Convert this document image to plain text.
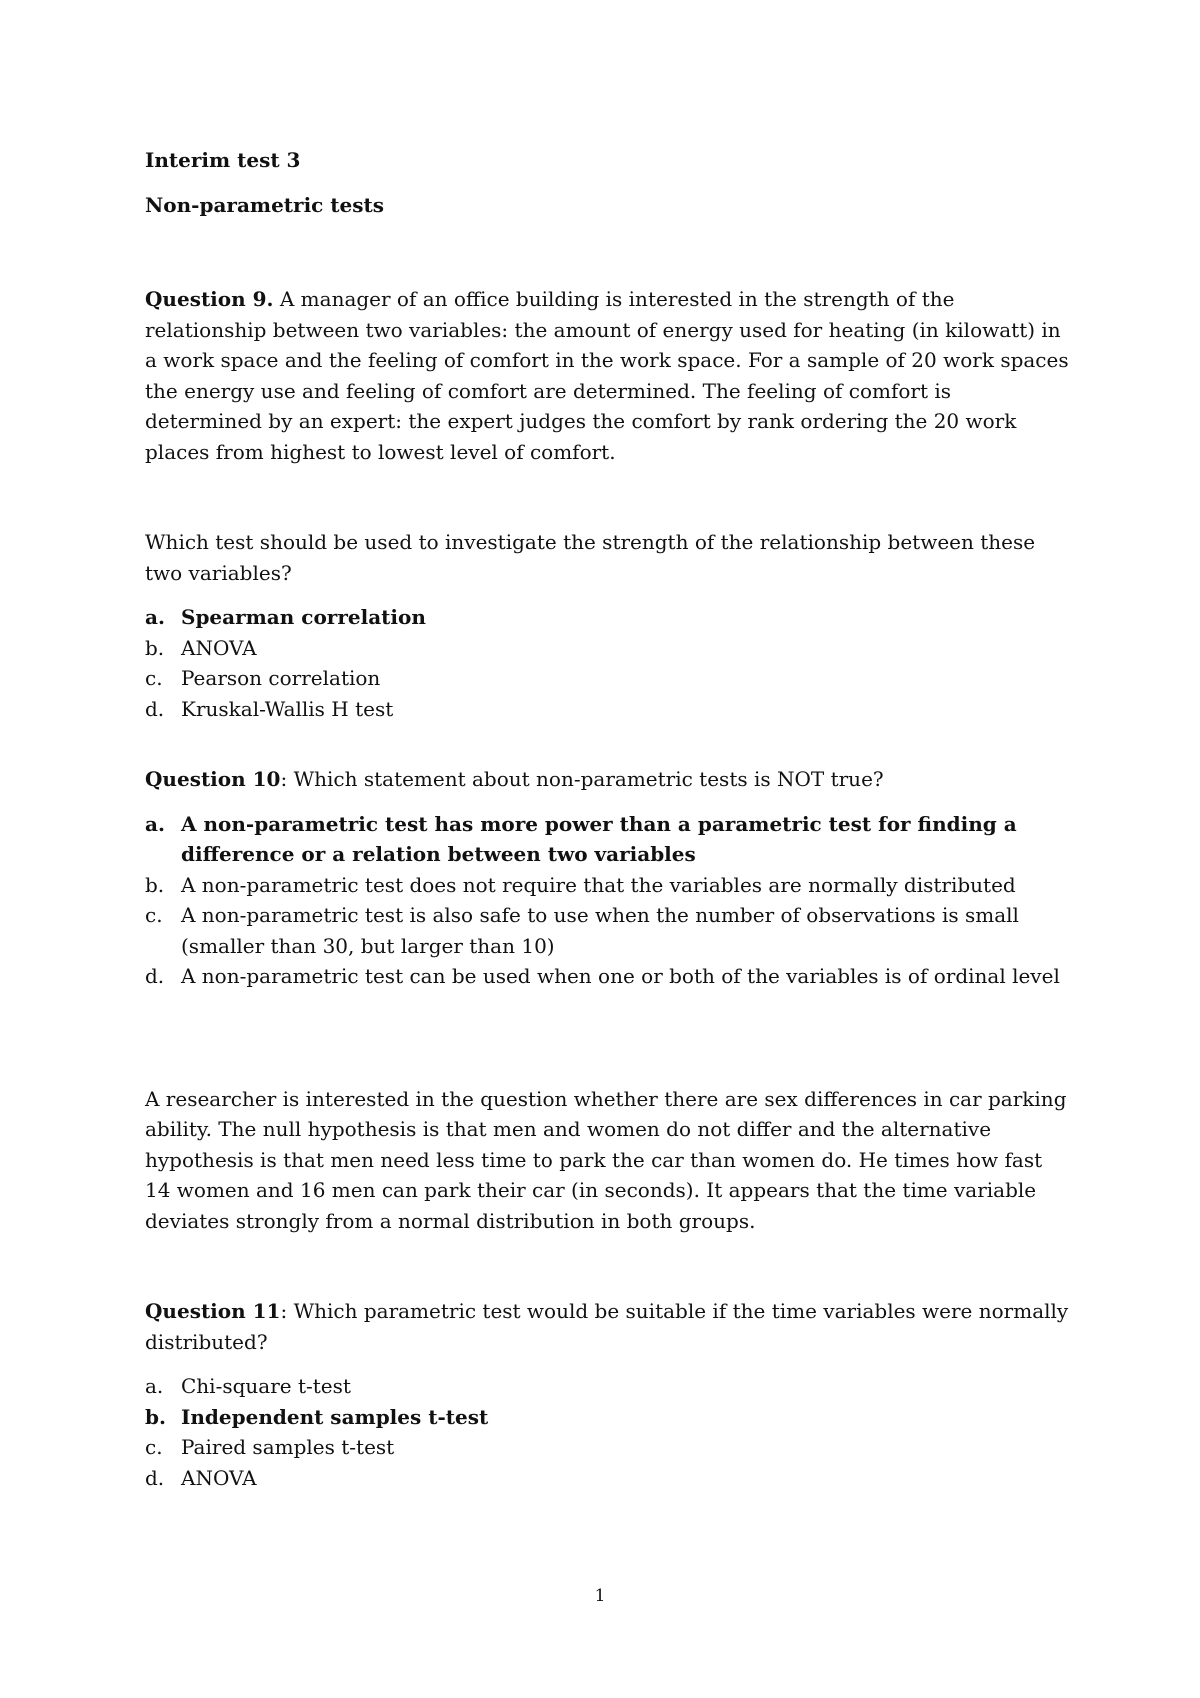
Interim test 3

Non-parametric tests

Question 9. A manager of an office building is interested in the strength of the relationship between two variables: the amount of energy used for heating (in kilowatt) in a work space and the feeling of comfort in the work space. For a sample of 20 work spaces the energy use and feeling of comfort are determined. The feeling of comfort is determined by an expert: the expert judges the comfort by rank ordering the 20 work places from highest to lowest level of comfort.

Which test should be used to investigate the strength of the relationship between these two variables?

a. Spearman correlation
b. ANOVA
c. Pearson correlation
d. Kruskal-Wallis H test

Question 10: Which statement about non-parametric tests is NOT true?

a. A non-parametric test has more power than a parametric test for finding a difference or a relation between two variables
b. A non-parametric test does not require that the variables are normally distributed
c. A non-parametric test is also safe to use when the number of observations is small (smaller than 30, but larger than 10)
d. A non-parametric test can be used when one or both of the variables is of ordinal level

A researcher is interested in the question whether there are sex differences in car parking ability. The null hypothesis is that men and women do not differ and the alternative hypothesis is that men need less time to park the car than women do. He times how fast 14 women and 16 men can park their car (in seconds). It appears that the time variable deviates strongly from a normal distribution in both groups.

Question 11: Which parametric test would be suitable if the time variables were normally distributed?

a. Chi-square t-test
b. Independent samples t-test
c. Paired samples t-test
d. ANOVA
1
